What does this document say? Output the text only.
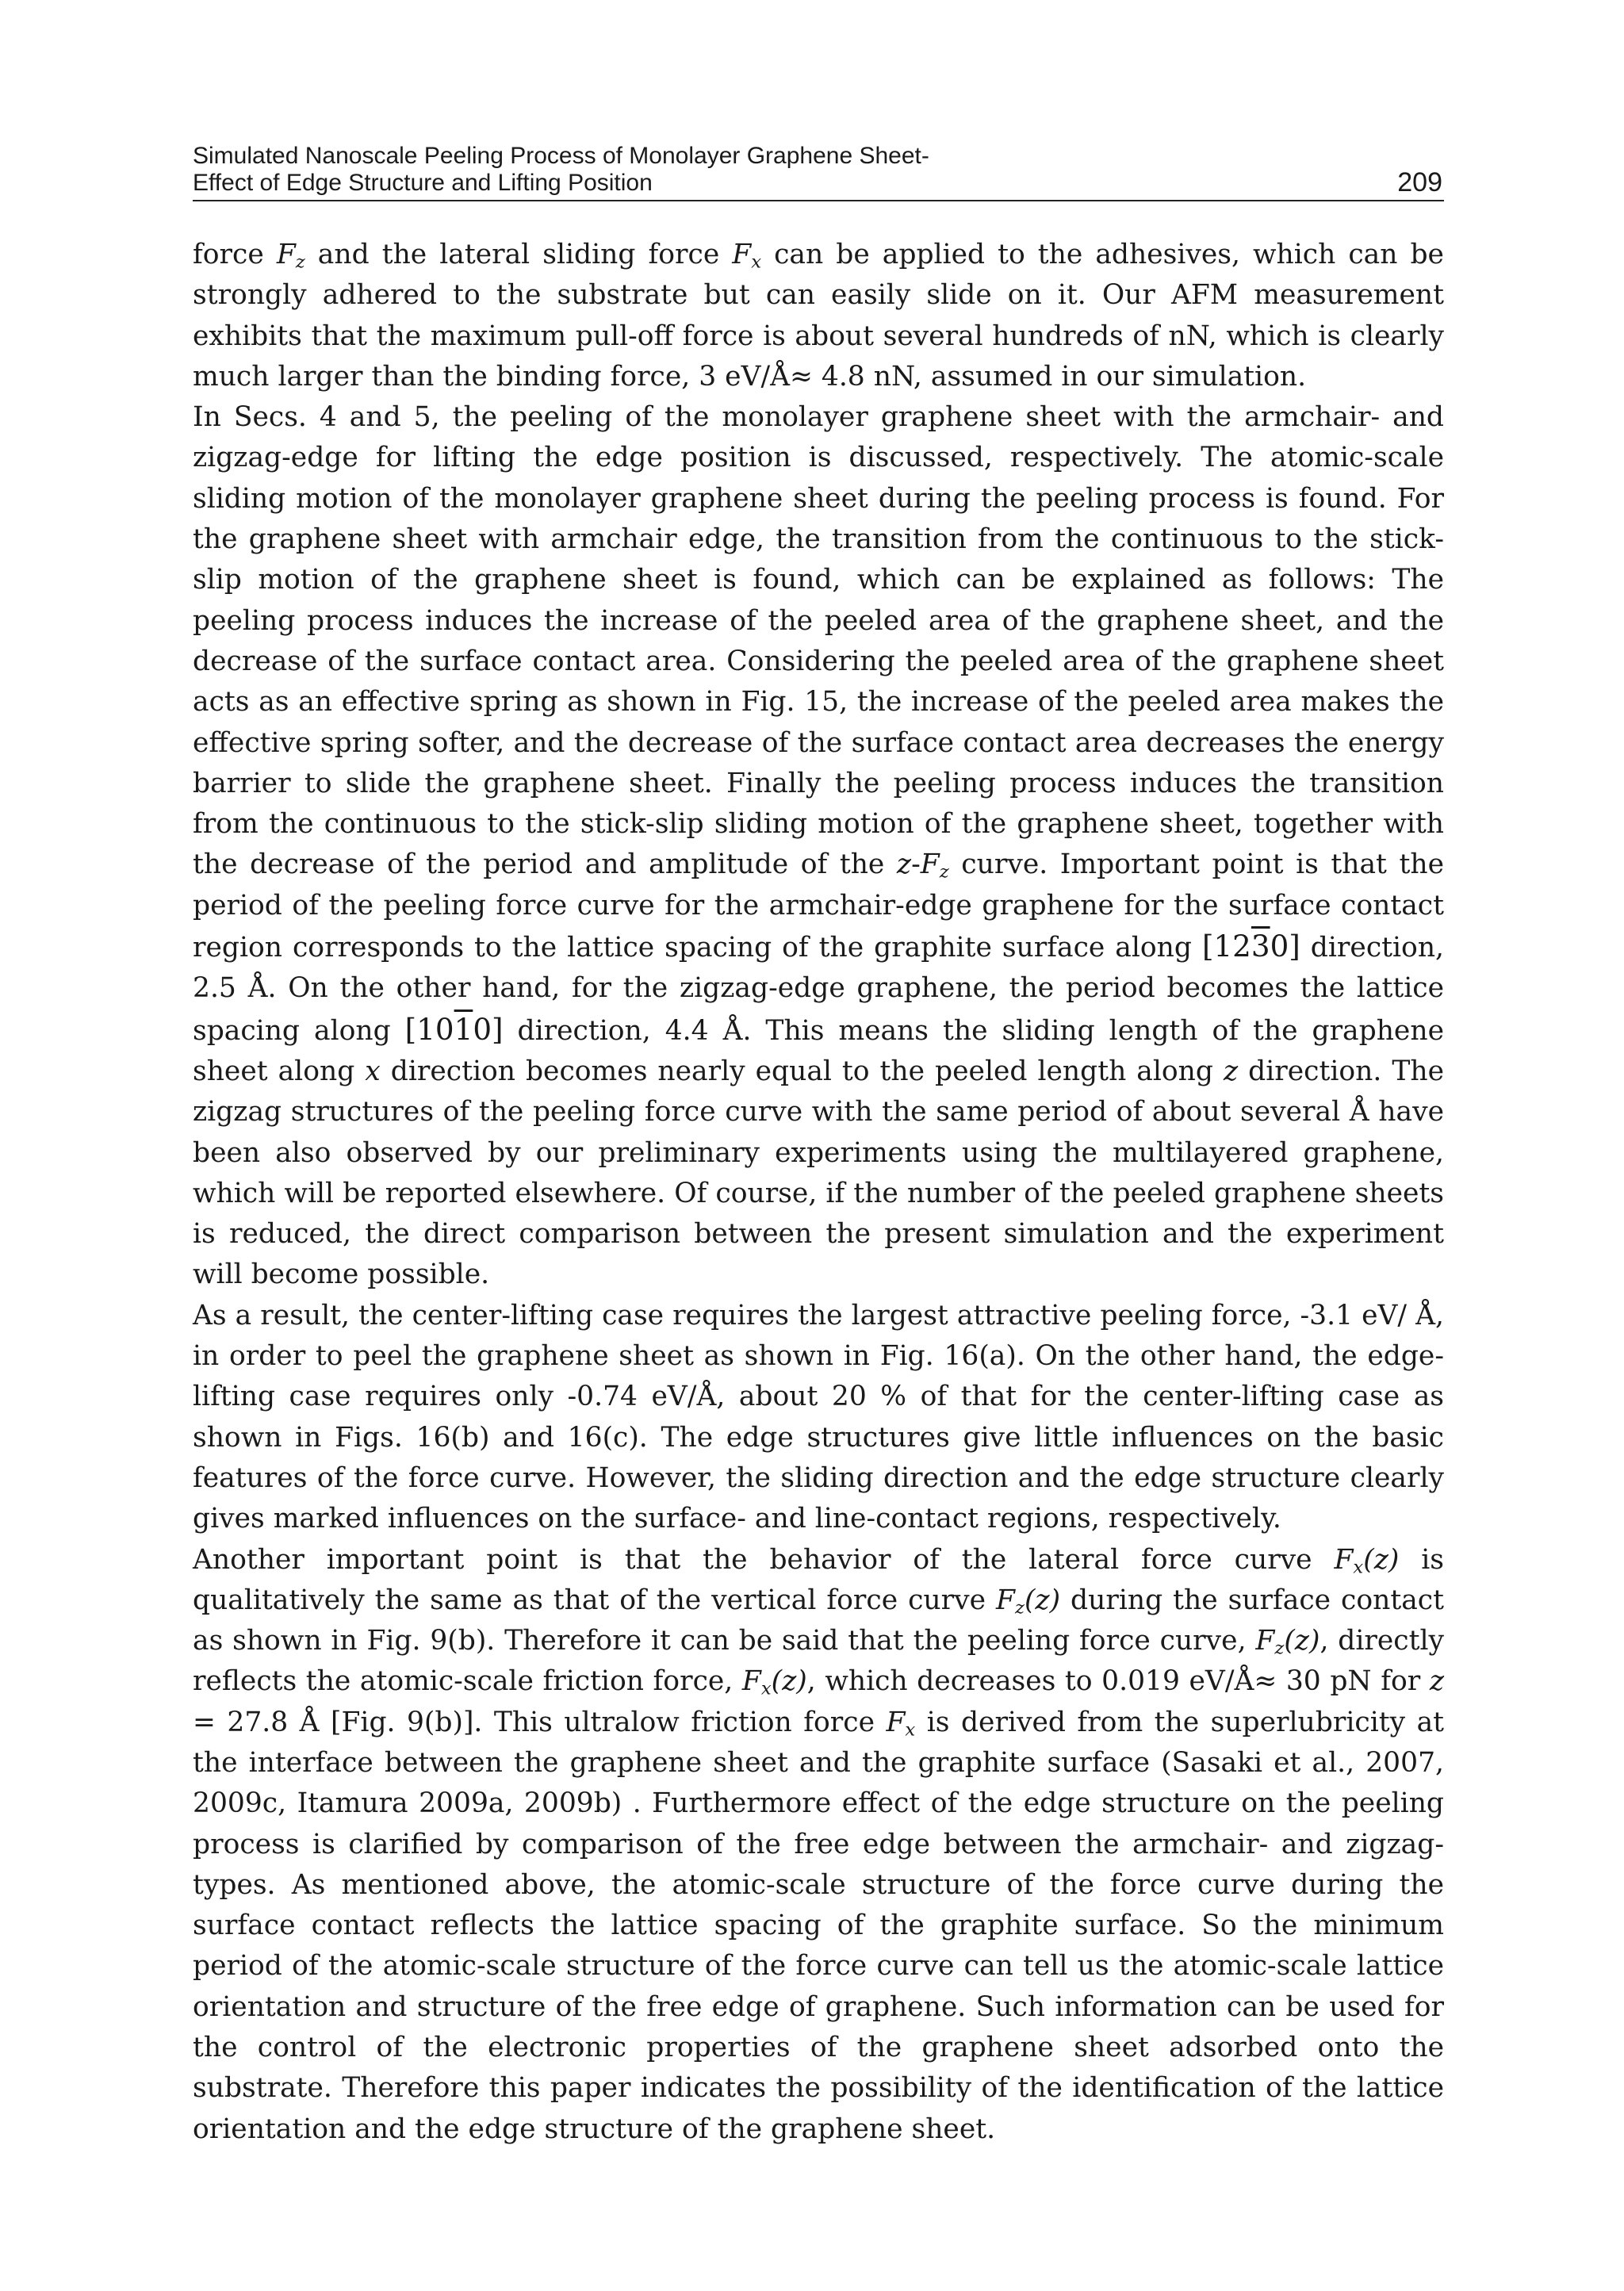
Simulated Nanoscale Peeling Process of Monolayer Graphene Sheet-
Effect of Edge Structure and Lifting Position	209

force $F_z$ and the lateral sliding force $F_x$ can be applied to the adhesives, which can be strongly adhered to the substrate but can easily slide on it. Our AFM measurement exhibits that the maximum pull-off force is about several hundreds of nN, which is clearly much larger than the binding force, 3 eV/Å≈ 4.8 nN, assumed in our simulation.

In Secs. 4 and 5, the peeling of the monolayer graphene sheet with the armchair- and zigzag-edge for lifting the edge position is discussed, respectively. The atomic-scale sliding motion of the monolayer graphene sheet during the peeling process is found. For the graphene sheet with armchair edge, the transition from the continuous to the stick-slip motion of the graphene sheet is found, which can be explained as follows: The peeling process induces the increase of the peeled area of the graphene sheet, and the decrease of the surface contact area. Considering the peeled area of the graphene sheet acts as an effective spring as shown in Fig. 15, the increase of the peeled area makes the effective spring softer, and the decrease of the surface contact area decreases the energy barrier to slide the graphene sheet. Finally the peeling process induces the transition from the continuous to the stick-slip sliding motion of the graphene sheet, together with the decrease of the period and amplitude of the $z-F_z$ curve. Important point is that the period of the peeling force curve for the armchair-edge graphene for the surface contact region corresponds to the lattice spacing of the graphite surface along [1230] direction, 2.5 Å. On the other hand, for the zigzag-edge graphene, the period becomes the lattice spacing along [1010] direction, 4.4 Å. This means the sliding length of the graphene sheet along x direction becomes nearly equal to the peeled length along z direction. The zigzag structures of the peeling force curve with the same period of about several Å have been also observed by our preliminary experiments using the multilayered graphene, which will be reported elsewhere. Of course, if the number of the peeled graphene sheets is reduced, the direct comparison between the present simulation and the experiment will become possible.

As a result, the center-lifting case requires the largest attractive peeling force, -3.1 eV/ Å, in order to peel the graphene sheet as shown in Fig. 16(a). On the other hand, the edge-lifting case requires only -0.74 eV/Å, about 20 % of that for the center-lifting case as shown in Figs. 16(b) and 16(c). The edge structures give little influences on the basic features of the force curve. However, the sliding direction and the edge structure clearly gives marked influences on the surface- and line-contact regions, respectively.

Another important point is that the behavior of the lateral force curve $F_x(z)$ is qualitatively the same as that of the vertical force curve $F_z(z)$ during the surface contact as shown in Fig. 9(b). Therefore it can be said that the peeling force curve, $F_z(z)$, directly reflects the atomic-scale friction force, $F_x(z)$, which decreases to 0.019 eV/Å≈ 30 pN for z = 27.8 Å [Fig. 9(b)]. This ultralow friction force $F_x$ is derived from the superlubricity at the interface between the graphene sheet and the graphite surface (Sasaki et al., 2007, 2009c, Itamura 2009a, 2009b) . Furthermore effect of the edge structure on the peeling process is clarified by comparison of the free edge between the armchair- and zigzag-types. As mentioned above, the atomic-scale structure of the force curve during the surface contact reflects the lattice spacing of the graphite surface. So the minimum period of the atomic-scale structure of the force curve can tell us the atomic-scale lattice orientation and structure of the free edge of graphene. Such information can be used for the control of the electronic properties of the graphene sheet adsorbed onto the substrate. Therefore this paper indicates the possibility of the identification of the lattice orientation and the edge structure of the graphene sheet.
